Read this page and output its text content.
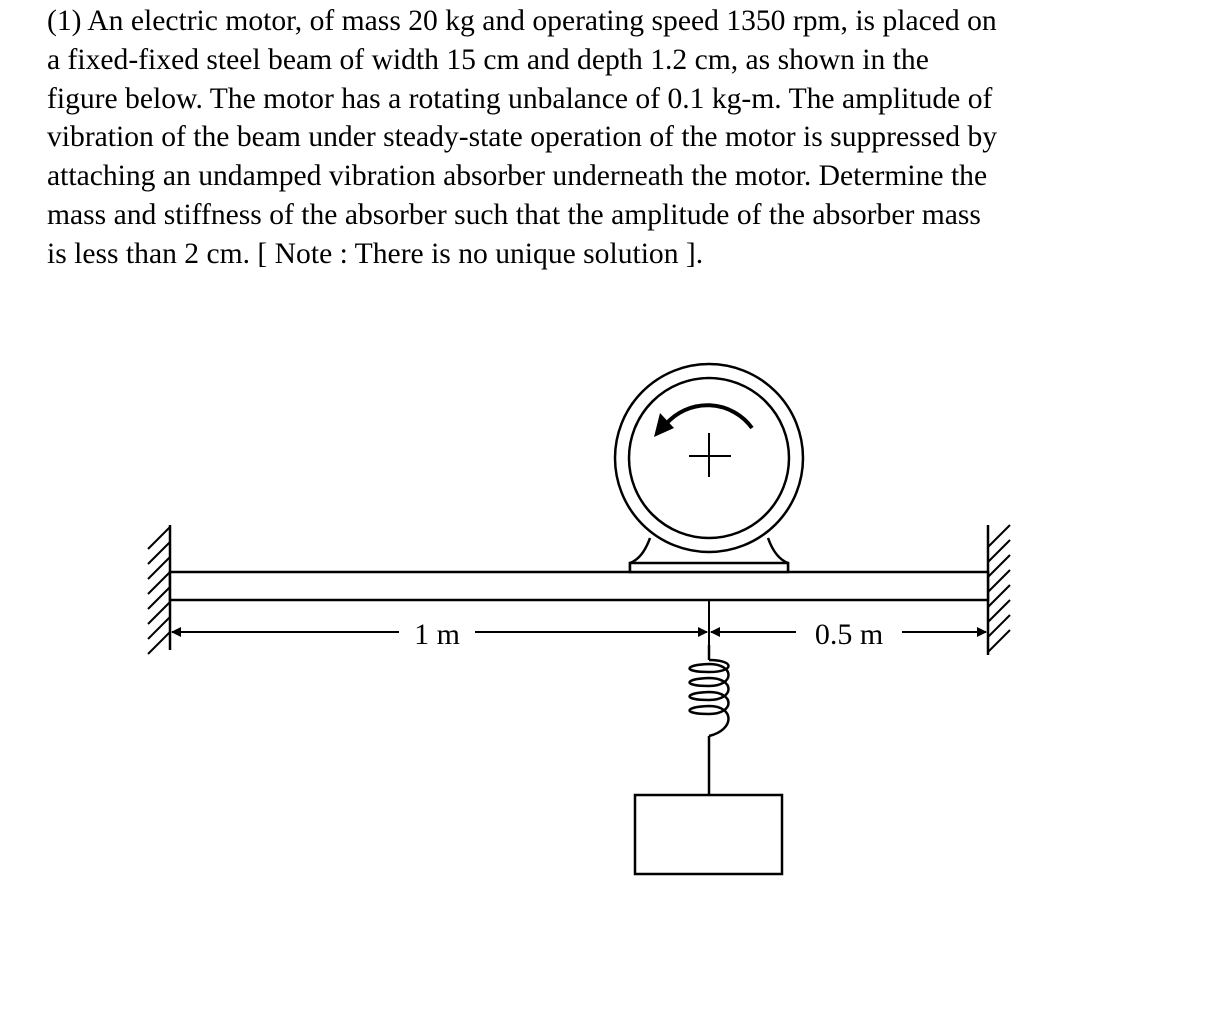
(1) An electric motor, of mass 20 kg and operating speed 1350 rpm, is placed on
a fixed-fixed steel beam of width 15 cm and depth 1.2 cm, as shown in the
figure below. The motor has a rotating unbalance of 0.1 kg-m. The amplitude of
vibration of the beam under steady-state operation of the motor is suppressed by
attaching an undamped vibration absorber underneath the motor. Determine the
mass and stiffness of the absorber such that the amplitude of the absorber mass
is less than 2 cm. [ Note : There is no unique solution ].
1 m	0.5 m
